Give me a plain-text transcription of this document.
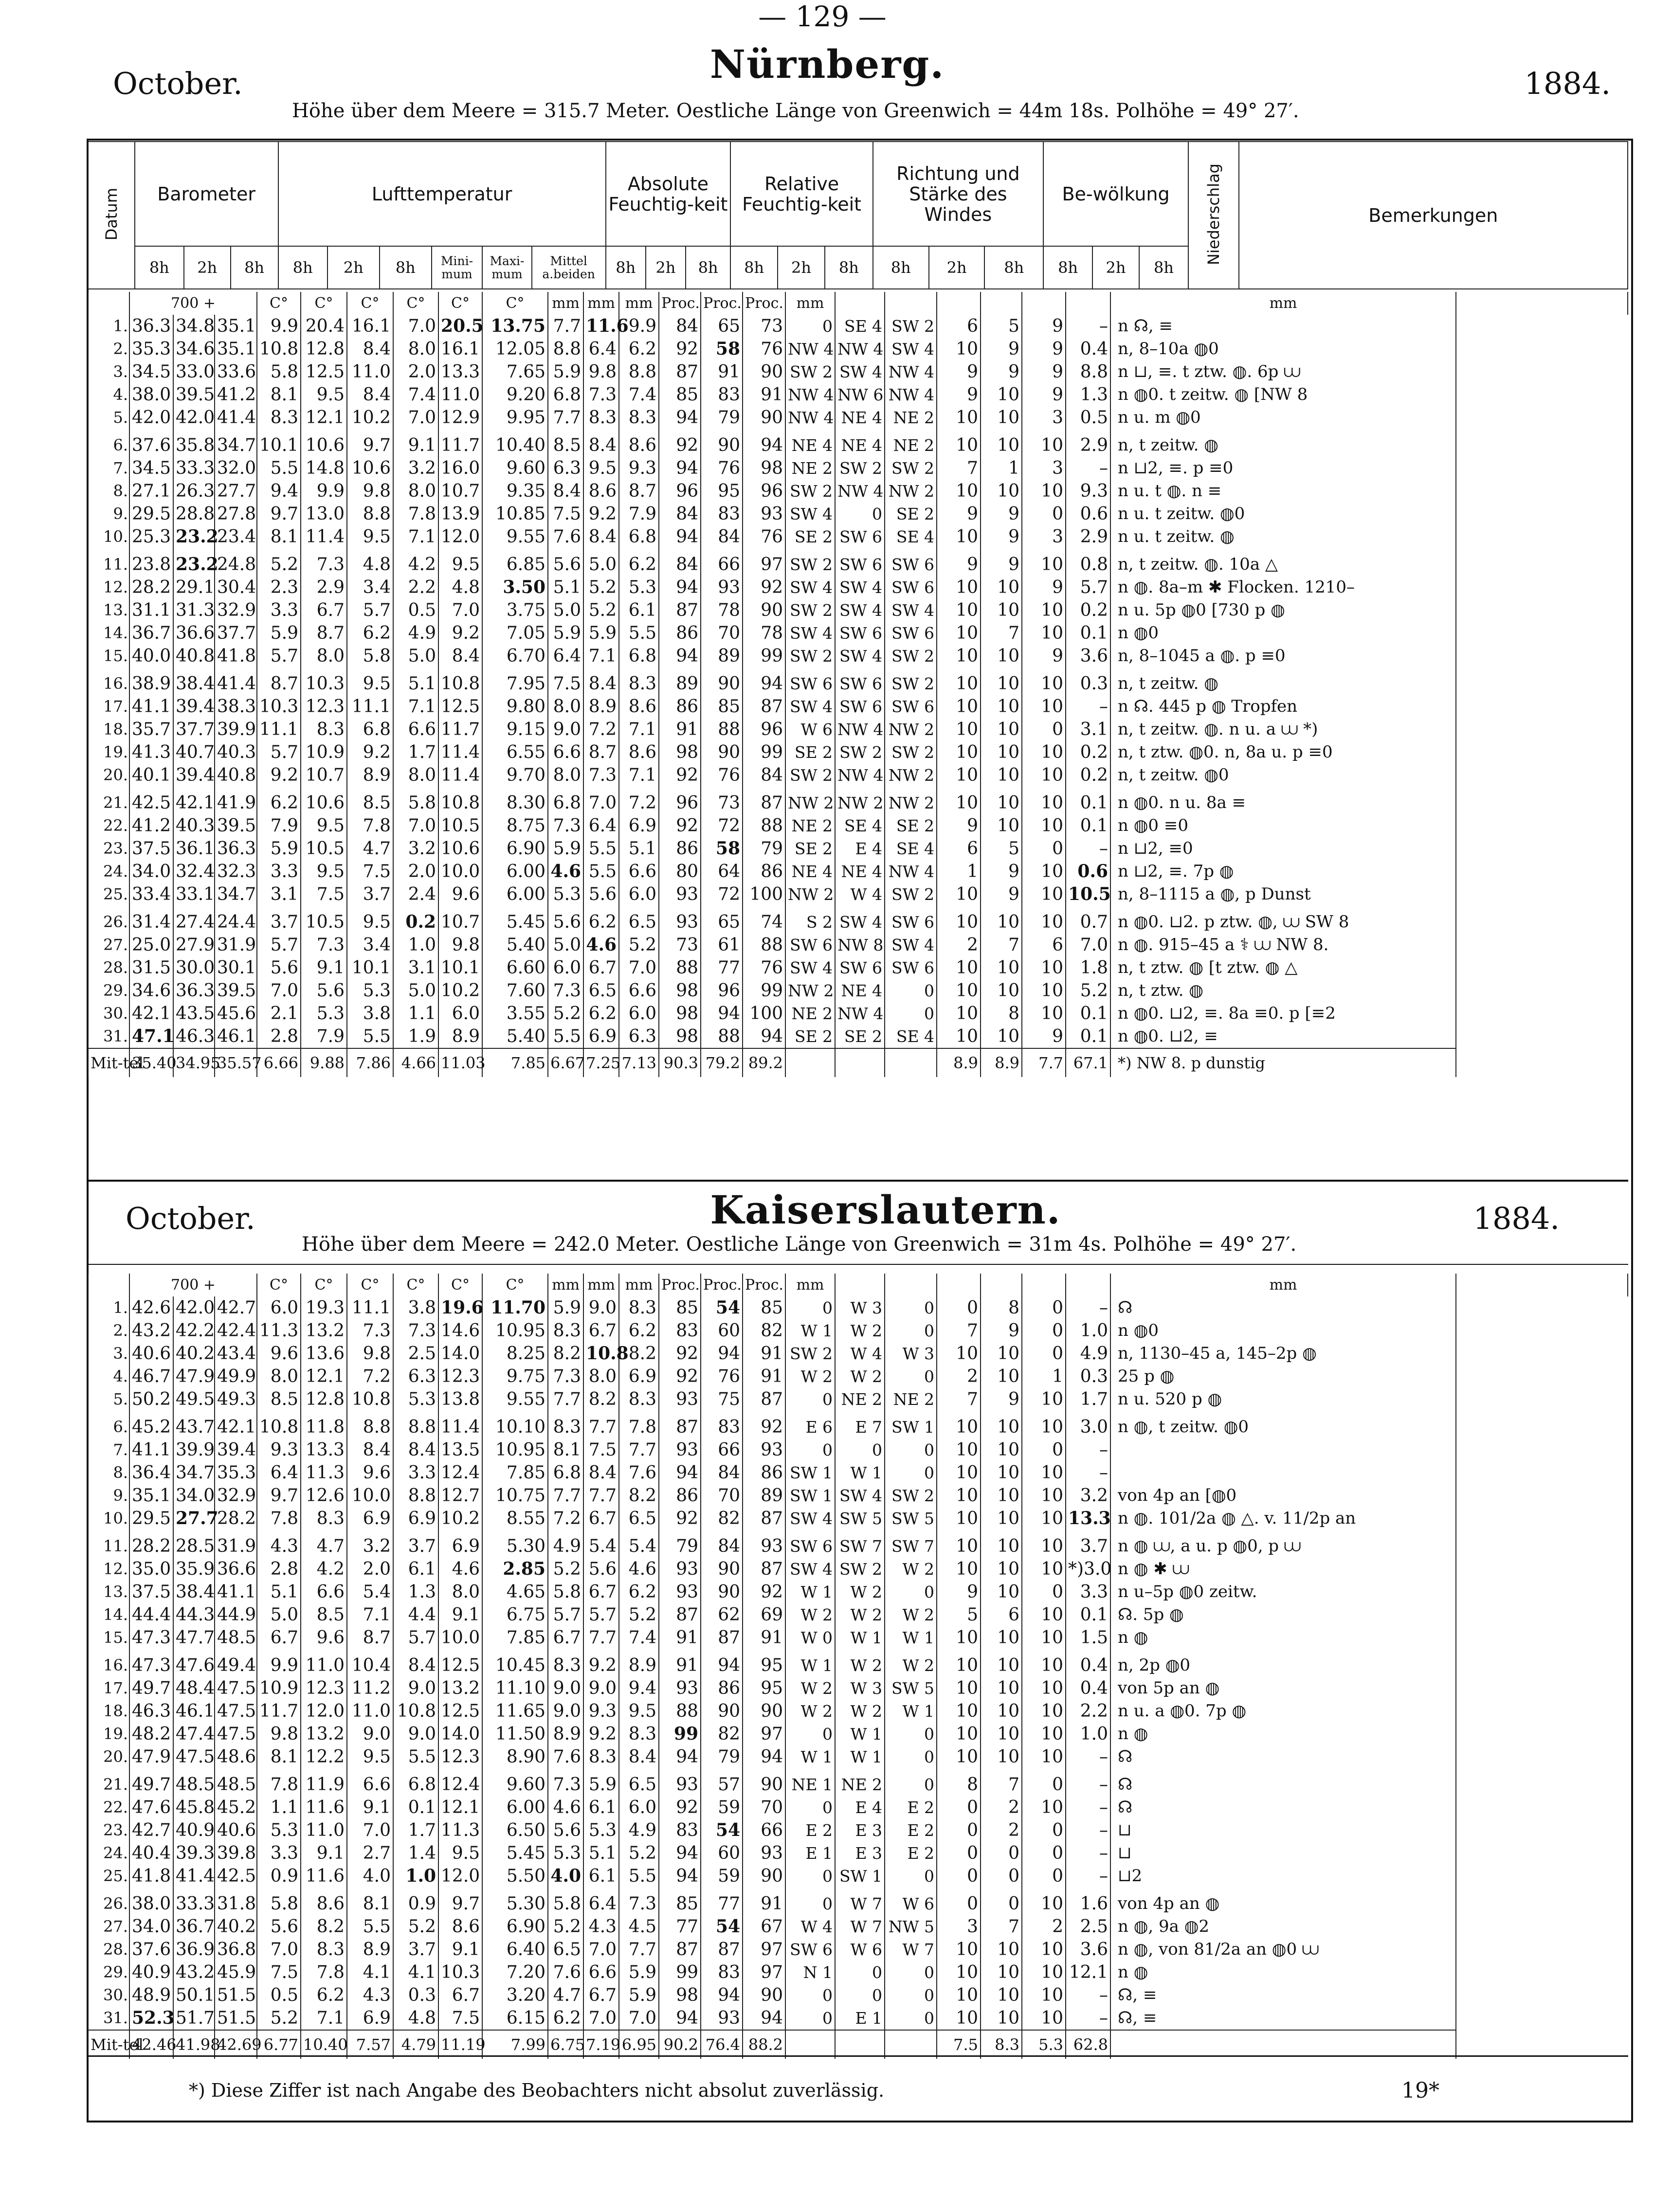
— 129 —
October.	Nürnberg.	1884.
Höhe über dem Meere = 315.7 Meter. Oestliche Länge von Greenwich = 44m 18s. Polhöhe = 49° 27′.
Datum	Barometer			Lufttemperatur						Absolute Feuchtig-keit			Relative Feuchtig-keit			Richtung und Stärke des Windes			Be-wölkung			Niederschlag	Bemerkungen
	8h	2h	8h	8h	2h	8h	Mini-mum	Maxi-mum	Mittel a.beiden	8h	2h	8h	8h	2h	8h	8h	2h	8h	8h	2h	8h		
	700 +			C°	C°	C°	C°	C°	C°	mm	mm	mm	Proc.	Proc.	Proc.	mm							mm	
1.	36.3	34.8	35.1	9.9	20.4	16.1	7.0	20.5	13.75	7.7	11.6	9.9	84	65	73	0	SE 4	SW 2	6	5	9	–	n ☊, ≡	
2.	35.3	34.6	35.1	10.8	12.8	8.4	8.0	16.1	12.05	8.8	6.4	6.2	92	58	76	NW 4	NW 4	SW 4	10	9	9	0.4	n, 8–10a ◍0	
3.	34.5	33.0	33.6	5.8	12.5	11.0	2.0	13.3	7.65	5.9	9.8	8.8	87	91	90	SW 2	SW 4	NW 4	9	9	9	8.8	n ⊔, ≡. t ztw. ◍. 6p ⩊	
4.	38.0	39.5	41.2	8.1	9.5	8.4	7.4	11.0	9.20	6.8	7.3	7.4	85	83	91	NW 4	NW 6	NW 4	9	10	9	1.3	n ◍0. t zeitw. ◍ [NW 8	
5.	42.0	42.0	41.4	8.3	12.1	10.2	7.0	12.9	9.95	7.7	8.3	8.3	94	79	90	NW 4	NE 4	NE 2	10	10	3	0.5	n u. m ◍0	

6.	37.6	35.8	34.7	10.1	10.6	9.7	9.1	11.7	10.40	8.5	8.4	8.6	92	90	94	NE 4	NE 4	NE 2	10	10	10	2.9	n, t zeitw. ◍	
7.	34.5	33.3	32.0	5.5	14.8	10.6	3.2	16.0	9.60	6.3	9.5	9.3	94	76	98	NE 2	SW 2	SW 2	7	1	3	–	n ⊔2, ≡. p ≡0	
8.	27.1	26.3	27.7	9.4	9.9	9.8	8.0	10.7	9.35	8.4	8.6	8.7	96	95	96	SW 2	NW 4	NW 2	10	10	10	9.3	n u. t ◍. n ≡	
9.	29.5	28.8	27.8	9.7	13.0	8.8	7.8	13.9	10.85	7.5	9.2	7.9	84	83	93	SW 4	0	SE 2	9	9	0	0.6	n u. t zeitw. ◍0	
10.	25.3	23.2	23.4	8.1	11.4	9.5	7.1	12.0	9.55	7.6	8.4	6.8	94	84	76	SE 2	SW 6	SE 4	10	9	3	2.9	n u. t zeitw. ◍	

11.	23.8	23.2	24.8	5.2	7.3	4.8	4.2	9.5	6.85	5.6	5.0	6.2	84	66	97	SW 2	SW 6	SW 6	9	9	10	0.8	n, t zeitw. ◍. 10a △	
12.	28.2	29.1	30.4	2.3	2.9	3.4	2.2	4.8	3.50	5.1	5.2	5.3	94	93	92	SW 4	SW 4	SW 6	10	10	9	5.7	n ◍. 8a–m ✱ Flocken. 1210–	
13.	31.1	31.3	32.9	3.3	6.7	5.7	0.5	7.0	3.75	5.0	5.2	6.1	87	78	90	SW 2	SW 4	SW 4	10	10	10	0.2	n u. 5p ◍0 [730 p ◍	
14.	36.7	36.6	37.7	5.9	8.7	6.2	4.9	9.2	7.05	5.9	5.9	5.5	86	70	78	SW 4	SW 6	SW 6	10	7	10	0.1	n ◍0	
15.	40.0	40.8	41.8	5.7	8.0	5.8	5.0	8.4	6.70	6.4	7.1	6.8	94	89	99	SW 2	SW 4	SW 2	10	10	9	3.6	n, 8–1045 a ◍. p ≡0	

16.	38.9	38.4	41.4	8.7	10.3	9.5	5.1	10.8	7.95	7.5	8.4	8.3	89	90	94	SW 6	SW 6	SW 2	10	10	10	0.3	n, t zeitw. ◍	
17.	41.1	39.4	38.3	10.3	12.3	11.1	7.1	12.5	9.80	8.0	8.9	8.6	86	85	87	SW 4	SW 6	SW 6	10	10	10	–	n ☊. 445 p ◍ Tropfen	
18.	35.7	37.7	39.9	11.1	8.3	6.8	6.6	11.7	9.15	9.0	7.2	7.1	91	88	96	W 6	NW 4	NW 2	10	10	0	3.1	n, t zeitw. ◍. n u. a ⩊ *)	
19.	41.3	40.7	40.3	5.7	10.9	9.2	1.7	11.4	6.55	6.6	8.7	8.6	98	90	99	SE 2	SW 2	SW 2	10	10	10	0.2	n, t ztw. ◍0. n, 8a u. p ≡0	
20.	40.1	39.4	40.8	9.2	10.7	8.9	8.0	11.4	9.70	8.0	7.3	7.1	92	76	84	SW 2	NW 4	NW 2	10	10	10	0.2	n, t zeitw. ◍0	

21.	42.5	42.1	41.9	6.2	10.6	8.5	5.8	10.8	8.30	6.8	7.0	7.2	96	73	87	NW 2	NW 2	NW 2	10	10	10	0.1	n ◍0. n u. 8a ≡	
22.	41.2	40.3	39.5	7.9	9.5	7.8	7.0	10.5	8.75	7.3	6.4	6.9	92	72	88	NE 2	SE 4	SE 2	9	10	10	0.1	n ◍0 ≡0	
23.	37.5	36.1	36.3	5.9	10.5	4.7	3.2	10.6	6.90	5.9	5.5	5.1	86	58	79	SE 2	E 4	SE 4	6	5	0	–	n ⊔2, ≡0	
24.	34.0	32.4	32.3	3.3	9.5	7.5	2.0	10.0	6.00	4.6	5.5	6.6	80	64	86	NE 4	NE 4	NW 4	1	9	10	0.6	n ⊔2, ≡. 7p ◍	
25.	33.4	33.1	34.7	3.1	7.5	3.7	2.4	9.6	6.00	5.3	5.6	6.0	93	72	100	NW 2	W 4	SW 2	10	9	10	10.5	n, 8–1115 a ◍, p Dunst	

26.	31.4	27.4	24.4	3.7	10.5	9.5	0.2	10.7	5.45	5.6	6.2	6.5	93	65	74	S 2	SW 4	SW 6	10	10	10	0.7	n ◍0. ⊔2. p ztw. ◍, ⩊ SW 8	
27.	25.0	27.9	31.9	5.7	7.3	3.4	1.0	9.8	5.40	5.0	4.6	5.2	73	61	88	SW 6	NW 8	SW 4	2	7	6	7.0	n ◍. 915–45 a ⚕ ⩊ NW 8.	
28.	31.5	30.0	30.1	5.6	9.1	10.1	3.1	10.1	6.60	6.0	6.7	7.0	88	77	76	SW 4	SW 6	SW 6	10	10	10	1.8	n, t ztw. ◍ [t ztw. ◍ △	
29.	34.6	36.3	39.5	7.0	5.6	5.3	5.0	10.2	7.60	7.3	6.5	6.6	98	96	99	NW 2	NE 4	0	10	10	10	5.2	n, t ztw. ◍	
30.	42.1	43.5	45.6	2.1	5.3	3.8	1.1	6.0	3.55	5.2	6.2	6.0	98	94	100	NE 2	NW 4	0	10	8	10	0.1	n ◍0. ⊔2, ≡. 8a ≡0. p [≡2	
31.	47.1	46.3	46.1	2.8	7.9	5.5	1.9	8.9	5.40	5.5	6.9	6.3	98	88	94	SE 2	SE 2	SE 4	10	10	9	0.1	n ◍0. ⊔2, ≡	
Mit-tel	35.40	34.95	35.57	6.66	9.88	7.86	4.66	11.03	7.85	6.67	7.25	7.13	90.3	79.2	89.2				8.9	8.9	7.7	67.1	*) NW 8. p dunstig	
October.	Kaiserslautern.	1884.
Höhe über dem Meere = 242.0 Meter. Oestliche Länge von Greenwich = 31m 4s. Polhöhe = 49° 27′.
	700 +			C°	C°	C°	C°	C°	C°	mm	mm	mm	Proc.	Proc.	Proc.	mm							mm	
1.	42.6	42.0	42.7	6.0	19.3	11.1	3.8	19.6	11.70	5.9	9.0	8.3	85	54	85	0	W 3	0	0	8	0	–	☊	
2.	43.2	42.2	42.4	11.3	13.2	7.3	7.3	14.6	10.95	8.3	6.7	6.2	83	60	82	W 1	W 2	0	7	9	0	1.0	n ◍0	
3.	40.6	40.2	43.4	9.6	13.6	9.8	2.5	14.0	8.25	8.2	10.8	8.2	92	94	91	SW 2	W 4	W 3	10	10	0	4.9	n, 1130–45 a, 145–2p ◍	
4.	46.7	47.9	49.9	8.0	12.1	7.2	6.3	12.3	9.75	7.3	8.0	6.9	92	76	91	W 2	W 2	0	2	10	1	0.3	25 p ◍	
5.	50.2	49.5	49.3	8.5	12.8	10.8	5.3	13.8	9.55	7.7	8.2	8.3	93	75	87	0	NE 2	NE 2	7	9	10	1.7	n u. 520 p ◍	

6.	45.2	43.7	42.1	10.8	11.8	8.8	8.8	11.4	10.10	8.3	7.7	7.8	87	83	92	E 6	E 7	SW 1	10	10	10	3.0	n ◍, t zeitw. ◍0	
7.	41.1	39.9	39.4	9.3	13.3	8.4	8.4	13.5	10.95	8.1	7.5	7.7	93	66	93	0	0	0	10	10	0	–		
8.	36.4	34.7	35.3	6.4	11.3	9.6	3.3	12.4	7.85	6.8	8.4	7.6	94	84	86	SW 1	W 1	0	10	10	10	–		
9.	35.1	34.0	32.9	9.7	12.6	10.0	8.8	12.7	10.75	7.7	7.7	8.2	86	70	89	SW 1	SW 4	SW 2	10	10	10	3.2	von 4p an [◍0	
10.	29.5	27.7	28.2	7.8	8.3	6.9	6.9	10.2	8.55	7.2	6.7	6.5	92	82	87	SW 4	SW 5	SW 5	10	10	10	13.3	n ◍. 101/2a ◍ △. v. 11/2p an	

11.	28.2	28.5	31.9	4.3	4.7	3.2	3.7	6.9	5.30	4.9	5.4	5.4	79	84	93	SW 6	SW 7	SW 7	10	10	10	3.7	n ◍ ⩊, a u. p ◍0, p ⩊	
12.	35.0	35.9	36.6	2.8	4.2	2.0	6.1	4.6	2.85	5.2	5.6	4.6	93	90	87	SW 4	SW 2	W 2	10	10	10	*)3.0	n ◍ ✱ ⩊	
13.	37.5	38.4	41.1	5.1	6.6	5.4	1.3	8.0	4.65	5.8	6.7	6.2	93	90	92	W 1	W 2	0	9	10	0	3.3	n u–5p ◍0 zeitw.	
14.	44.4	44.3	44.9	5.0	8.5	7.1	4.4	9.1	6.75	5.7	5.7	5.2	87	62	69	W 2	W 2	W 2	5	6	10	0.1	☊. 5p ◍	
15.	47.3	47.7	48.5	6.7	9.6	8.7	5.7	10.0	7.85	6.7	7.7	7.4	91	87	91	W 0	W 1	W 1	10	10	10	1.5	n ◍	

16.	47.3	47.6	49.4	9.9	11.0	10.4	8.4	12.5	10.45	8.3	9.2	8.9	91	94	95	W 1	W 2	W 2	10	10	10	0.4	n, 2p ◍0	
17.	49.7	48.4	47.5	10.9	12.3	11.2	9.0	13.2	11.10	9.0	9.0	9.4	93	86	95	W 2	W 3	SW 5	10	10	10	0.4	von 5p an ◍	
18.	46.3	46.1	47.5	11.7	12.0	11.0	10.8	12.5	11.65	9.0	9.3	9.5	88	90	90	W 2	W 2	W 1	10	10	10	2.2	n u. a ◍0. 7p ◍	
19.	48.2	47.4	47.5	9.8	13.2	9.0	9.0	14.0	11.50	8.9	9.2	8.3	99	82	97	0	W 1	0	10	10	10	1.0	n ◍	
20.	47.9	47.5	48.6	8.1	12.2	9.5	5.5	12.3	8.90	7.6	8.3	8.4	94	79	94	W 1	W 1	0	10	10	10	–	☊	

21.	49.7	48.5	48.5	7.8	11.9	6.6	6.8	12.4	9.60	7.3	5.9	6.5	93	57	90	NE 1	NE 2	0	8	7	0	–	☊	
22.	47.6	45.8	45.2	1.1	11.6	9.1	0.1	12.1	6.00	4.6	6.1	6.0	92	59	70	0	E 4	E 2	0	2	10	–	☊	
23.	42.7	40.9	40.6	5.3	11.0	7.0	1.7	11.3	6.50	5.6	5.3	4.9	83	54	66	E 2	E 3	E 2	0	2	0	–	⊔	
24.	40.4	39.3	39.8	3.3	9.1	2.7	1.4	9.5	5.45	5.3	5.1	5.2	94	60	93	E 1	E 3	E 2	0	0	0	–	⊔	
25.	41.8	41.4	42.5	0.9	11.6	4.0	1.0	12.0	5.50	4.0	6.1	5.5	94	59	90	0	SW 1	0	0	0	0	–	⊔2	

26.	38.0	33.3	31.8	5.8	8.6	8.1	0.9	9.7	5.30	5.8	6.4	7.3	85	77	91	0	W 7	W 6	0	0	10	1.6	von 4p an ◍	
27.	34.0	36.7	40.2	5.6	8.2	5.5	5.2	8.6	6.90	5.2	4.3	4.5	77	54	67	W 4	W 7	NW 5	3	7	2	2.5	n ◍, 9a ◍2	
28.	37.6	36.9	36.8	7.0	8.3	8.9	3.7	9.1	6.40	6.5	7.0	7.7	87	87	97	SW 6	W 6	W 7	10	10	10	3.6	n ◍, von 81/2a an ◍0 ⩊	
29.	40.9	43.2	45.9	7.5	7.8	4.1	4.1	10.3	7.20	7.6	6.6	5.9	99	83	97	N 1	0	0	10	10	10	12.1	n ◍	
30.	48.9	50.1	51.5	0.5	6.2	4.3	0.3	6.7	3.20	4.7	6.7	5.9	98	94	90	0	0	0	10	10	10	–	☊, ≡	
31.	52.3	51.7	51.5	5.2	7.1	6.9	4.8	7.5	6.15	6.2	7.0	7.0	94	93	94	0	E 1	0	10	10	10	–	☊, ≡	
Mit-tel	42.46	41.98	42.69	6.77	10.40	7.57	4.79	11.19	7.99	6.75	7.19	6.95	90.2	76.4	88.2				7.5	8.3	5.3	62.8		
*) Diese Ziffer ist nach Angabe des Beobachters nicht absolut zuverlässig.	19*
